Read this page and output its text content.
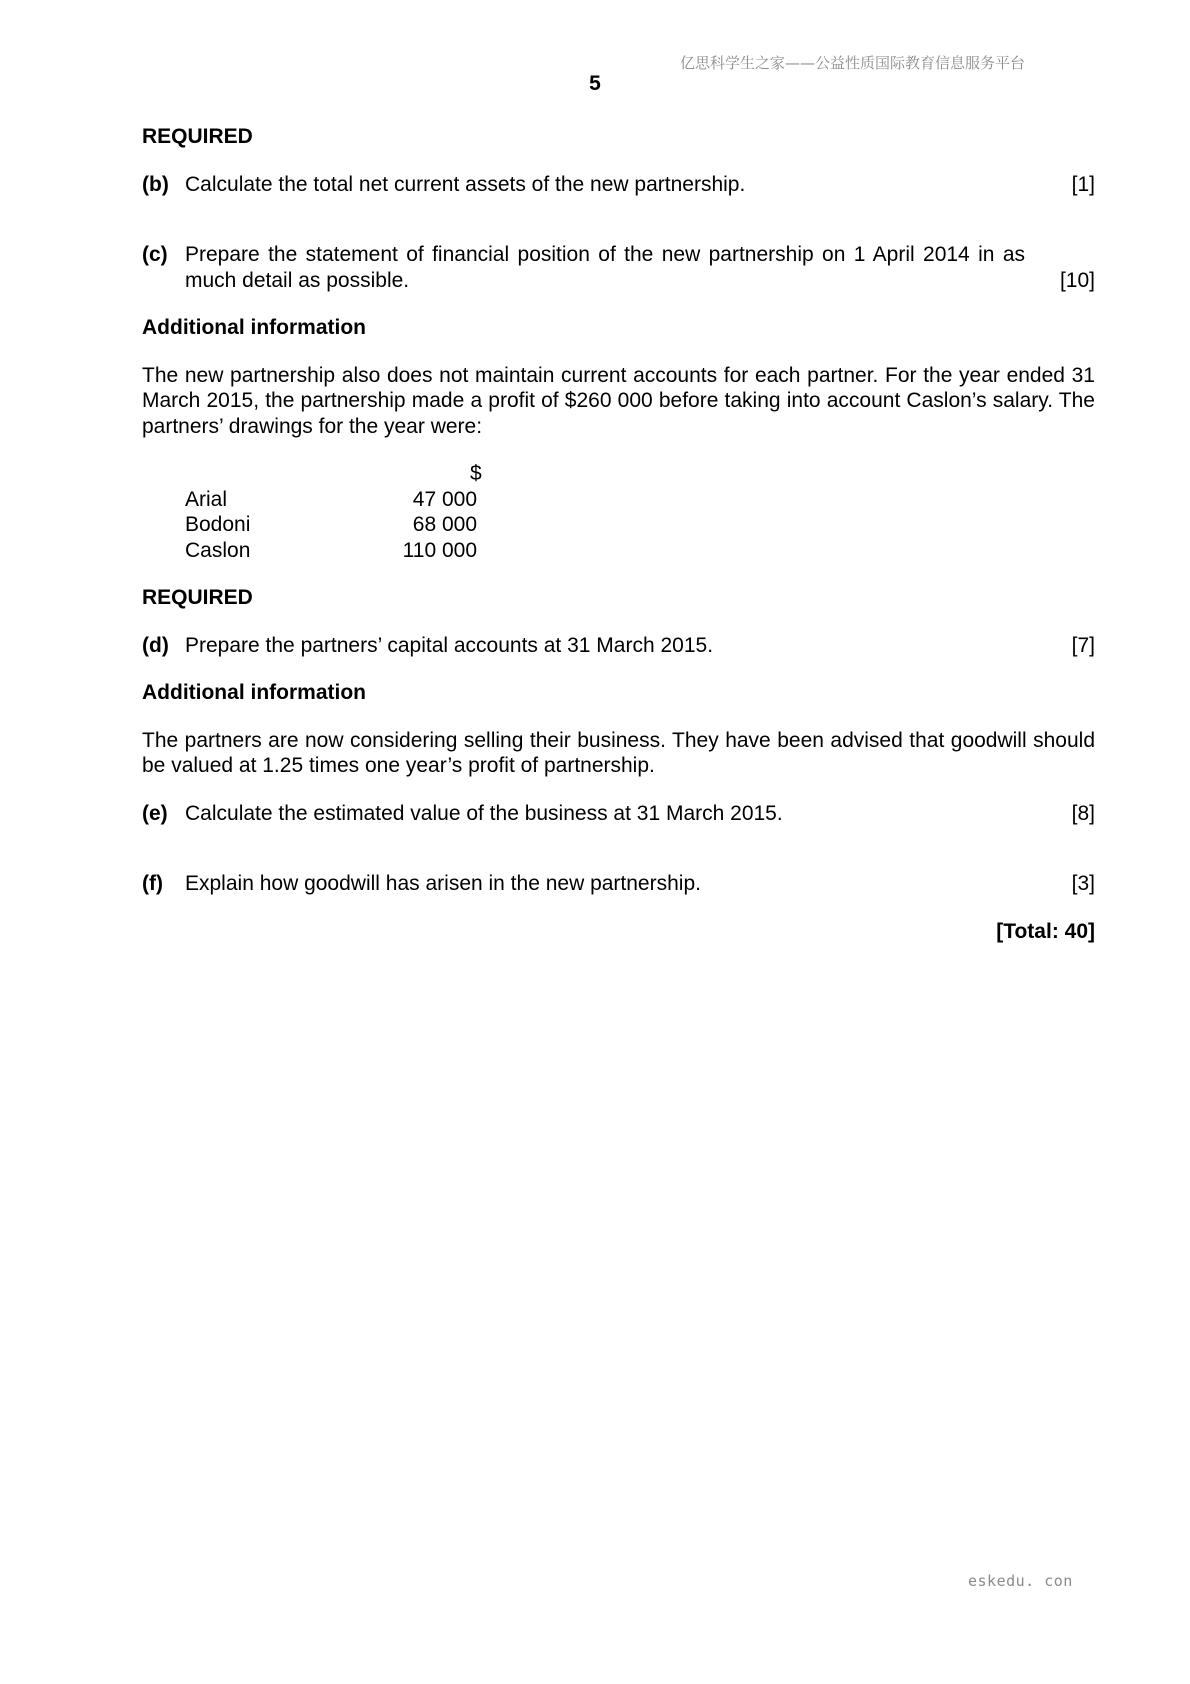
亿思科学生之家——公益性质国际教育信息服务平台
5
REQUIRED
(b) Calculate the total net current assets of the new partnership.	[1]
(c) Prepare the statement of financial position of the new partnership on 1 April 2014 in as much detail as possible.	[10]
Additional information

The new partnership also does not maintain current accounts for each partner. For the year ended 31 March 2015, the partnership made a profit of $260 000 before taking into account Caslon’s salary. The partners’ drawings for the year were:

$
Arial	47 000
Bodoni	68 000
Caslon	110 000
REQUIRED
(d) Prepare the partners’ capital accounts at 31 March 2015.	[7]
Additional information

The partners are now considering selling their business. They have been advised that goodwill should be valued at 1.25 times one year’s profit of partnership.

(e) Calculate the estimated value of the business at 31 March 2015.	[8]
(f) Explain how goodwill has arisen in the new partnership.	[3]
[Total: 40]
eskedu. con
